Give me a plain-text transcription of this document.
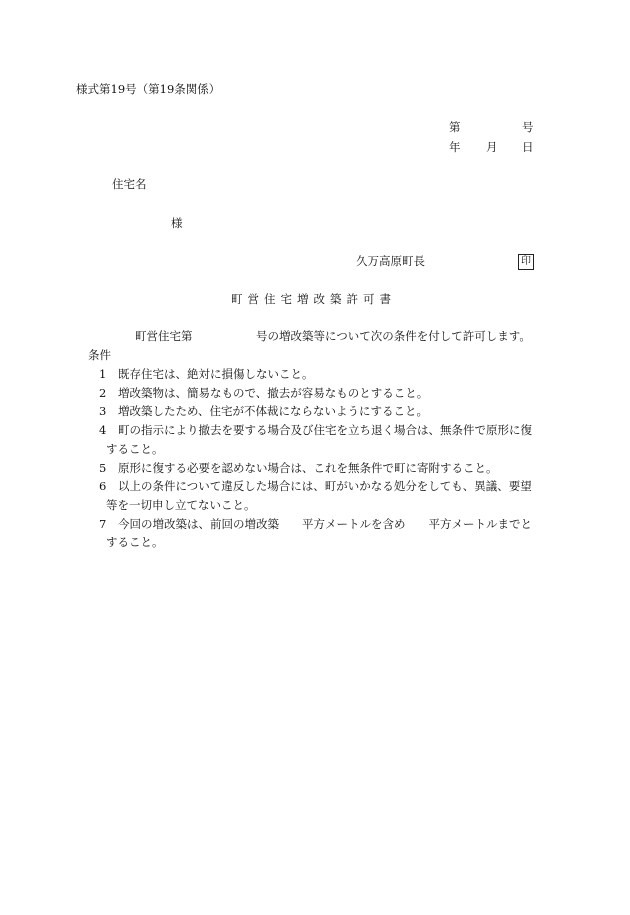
様式第19号（第19条関係）
第	号
年 月 日
住宅名
様
久万高原町長	印
町営住宅増改築許可書
町営住宅第	号の増改築等について次の条件を付して許可します。
条件
1 既存住宅は、絶対に損傷しないこと。
2 増改築物は、簡易なもので、撤去が容易なものとすること。
3 増改築したため、住宅が不体裁にならないようにすること。
4 町の指示により撤去を要する場合及び住宅を立ち退く場合は、無条件で原形に復
すること。
5 原形に復する必要を認めない場合は、これを無条件で町に寄附すること。
6 以上の条件について違反した場合には、町がいかなる処分をしても、異議、要望
等を一切申し立てないこと。
7 今回の増改築は、前回の増改築　　平方メートルを含め　　平方メートルまでと
すること。
